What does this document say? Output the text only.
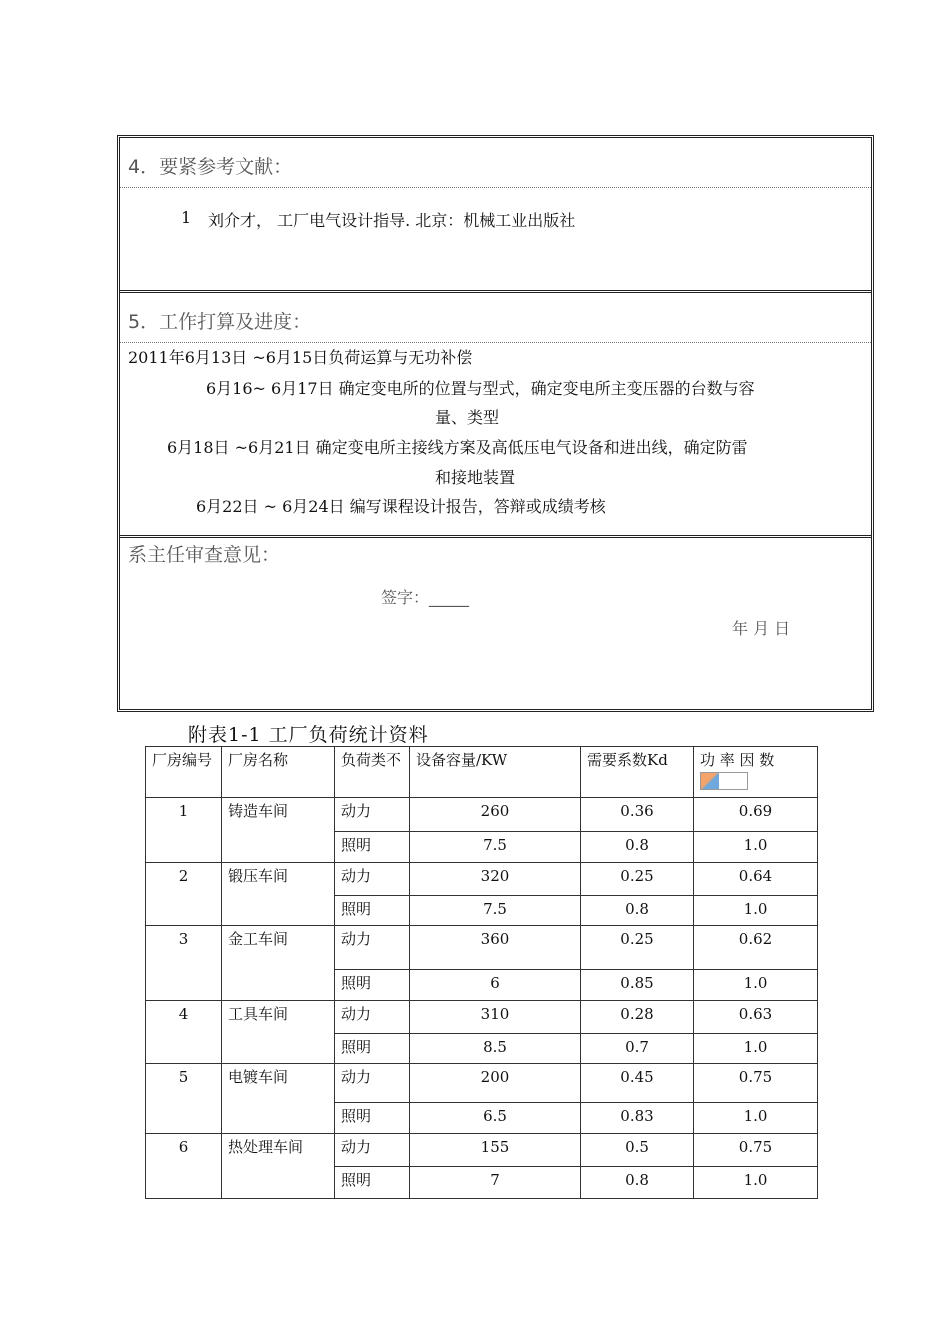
4．要紧参考文献：
1 刘介才， 工厂电气设计指导. 北京：机械工业出版社
5．工作打算及进度：
2011年6月13日 ~6月15日负荷运算与无功补偿
6月16~ 6月17日 确定变电所的位置与型式，确定变电所主变压器的台数与容
量、类型
6月18日 ~6月21日 确定变电所主接线方案及高低压电气设备和进出线，确定防雷
和接地装置
6月22日 ~ 6月24日 编写课程设计报告，答辩或成绩考核
系主任审查意见：
签字：_____
年 月 日
附表1-1 工厂负荷统计资料
厂房编号	厂房名称	负荷类不	设备容量/KW	需要系数Kd	功 率 因 数

1	铸造车间	动力	260	0.36	0.69
		照明	7.5	0.8	1.0
2	锻压车间	动力	320	0.25	0.64
		照明	7.5	0.8	1.0
3	金工车间	动力	360	0.25	0.62
		照明	6	0.85	1.0
4	工具车间	动力	310	0.28	0.63
		照明	8.5	0.7	1.0
5	电镀车间	动力	200	0.45	0.75
		照明	6.5	0.83	1.0
6	热处理车间	动力	155	0.5	0.75
		照明	7	0.8	1.0
